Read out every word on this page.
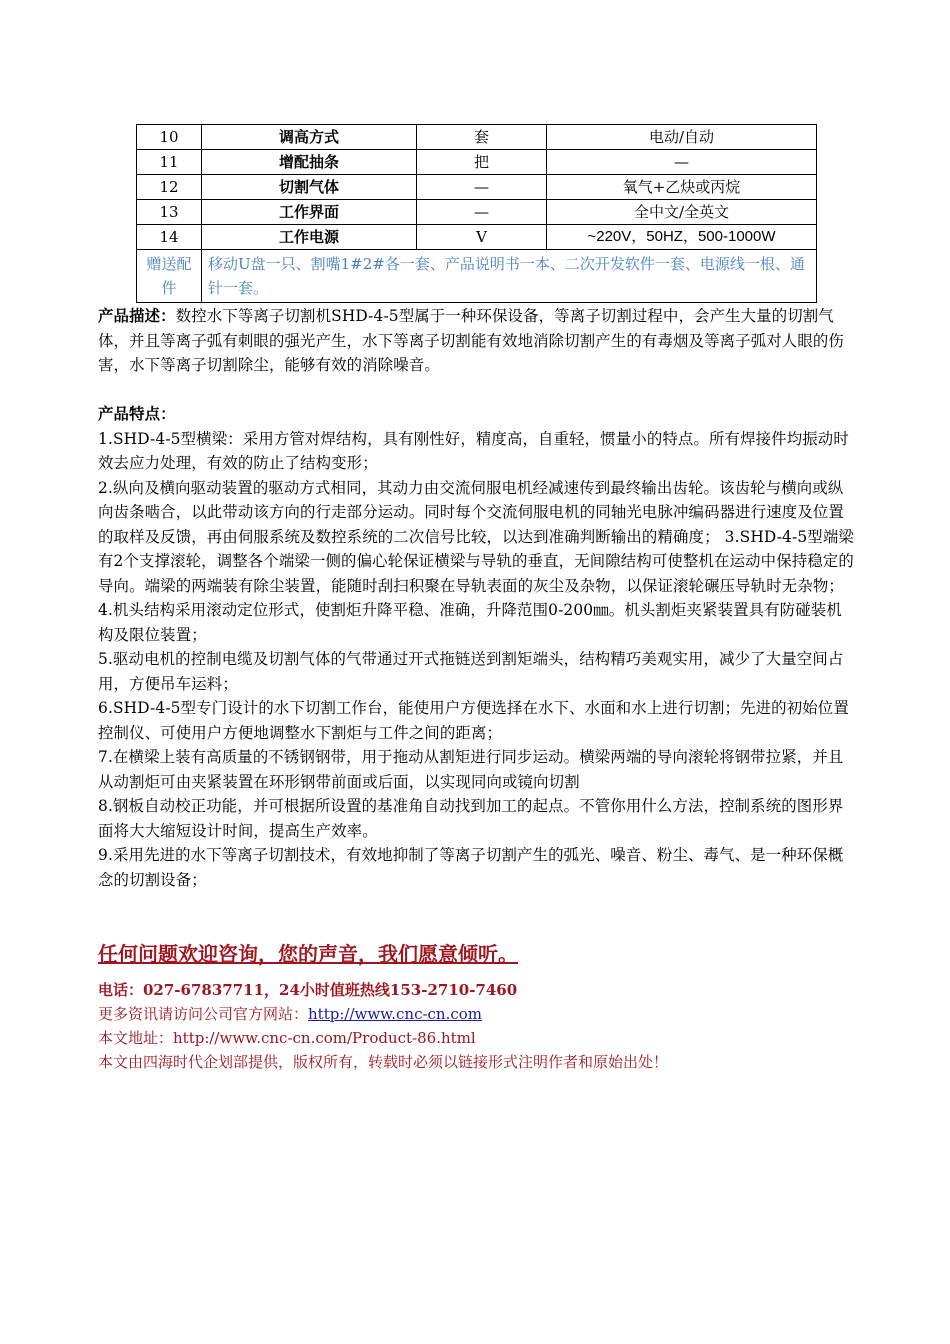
10	调高方式	套	电动/自动
11	增配抽条	把	—
12	切割气体	—	氧气+乙炔或丙烷
13	工作界面	—	全中文/全英文
14	工作电源	V	~220V，50HZ，500-1000W
赠送配件	移动U盘一只、割嘴1#2#各一套、产品说明书一本、二次开发软件一套、电源线一根、通针一套。		

产品描述：数控水下等离子切割机SHD-4-5型属于一种环保设备，等离子切割过程中，会产生大量的切割气体，并且等离子弧有刺眼的强光产生，水下等离子切割能有效地消除切割产生的有毒烟及等离子弧对人眼的伤害，水下等离子切割除尘，能够有效的消除噪音。

产品特点：

1.SHD-4-5型横梁：采用方管对焊结构，具有刚性好，精度高，自重轻，惯量小的特点。所有焊接件均振动时效去应力处理，有效的防止了结构变形；

2.纵向及横向驱动装置的驱动方式相同，其动力由交流伺服电机经减速传到最终输出齿轮。该齿轮与横向或纵向齿条啮合，以此带动该方向的行走部分运动。同时每个交流伺服电机的同轴光电脉冲编码器进行速度及位置的取样及反馈，再由伺服系统及数控系统的二次信号比较，以达到准确判断输出的精确度； 3.SHD-4-5型端梁有2个支撑滚轮，调整各个端梁一侧的偏心轮保证横梁与导轨的垂直，无间隙结构可使整机在运动中保持稳定的导向。端梁的两端装有除尘装置，能随时刮扫积聚在导轨表面的灰尘及杂物，以保证滚轮碾压导轨时无杂物；

4.机头结构采用滚动定位形式，使割炬升降平稳、准确，升降范围0-200㎜。机头割炬夹紧装置具有防碰装机构及限位装置；

5.驱动电机的控制电缆及切割气体的气带通过开式拖链送到割矩端头，结构精巧美观实用，减少了大量空间占用，方便吊车运料；

6.SHD-4-5型专门设计的水下切割工作台，能使用户方便选择在水下、水面和水上进行切割；先进的初始位置控制仪、可使用户方便地调整水下割炬与工件之间的距离；

7.在横梁上装有高质量的不锈钢钢带，用于拖动从割矩进行同步运动。横梁两端的导向滚轮将钢带拉紧，并且从动割炬可由夹紧装置在环形钢带前面或后面，以实现同向或镜向切割

8.钢板自动校正功能，并可根据所设置的基准角自动找到加工的起点。不管你用什么方法，控制系统的图形界面将大大缩短设计时间，提高生产效率。

9.采用先进的水下等离子切割技术，有效地抑制了等离子切割产生的弧光、噪音、粉尘、毒气、是一种环保概念的切割设备；

任何问题欢迎咨询，您的声音，我们愿意倾听。

电话：027-67837711，24小时值班热线153-2710-7460

更多资讯请访问公司官方网站：http://www.cnc-cn.com

本文地址：http://www.cnc-cn.com/Product-86.html

本文由四海时代企划部提供，版权所有，转载时必须以链接形式注明作者和原始出处！
